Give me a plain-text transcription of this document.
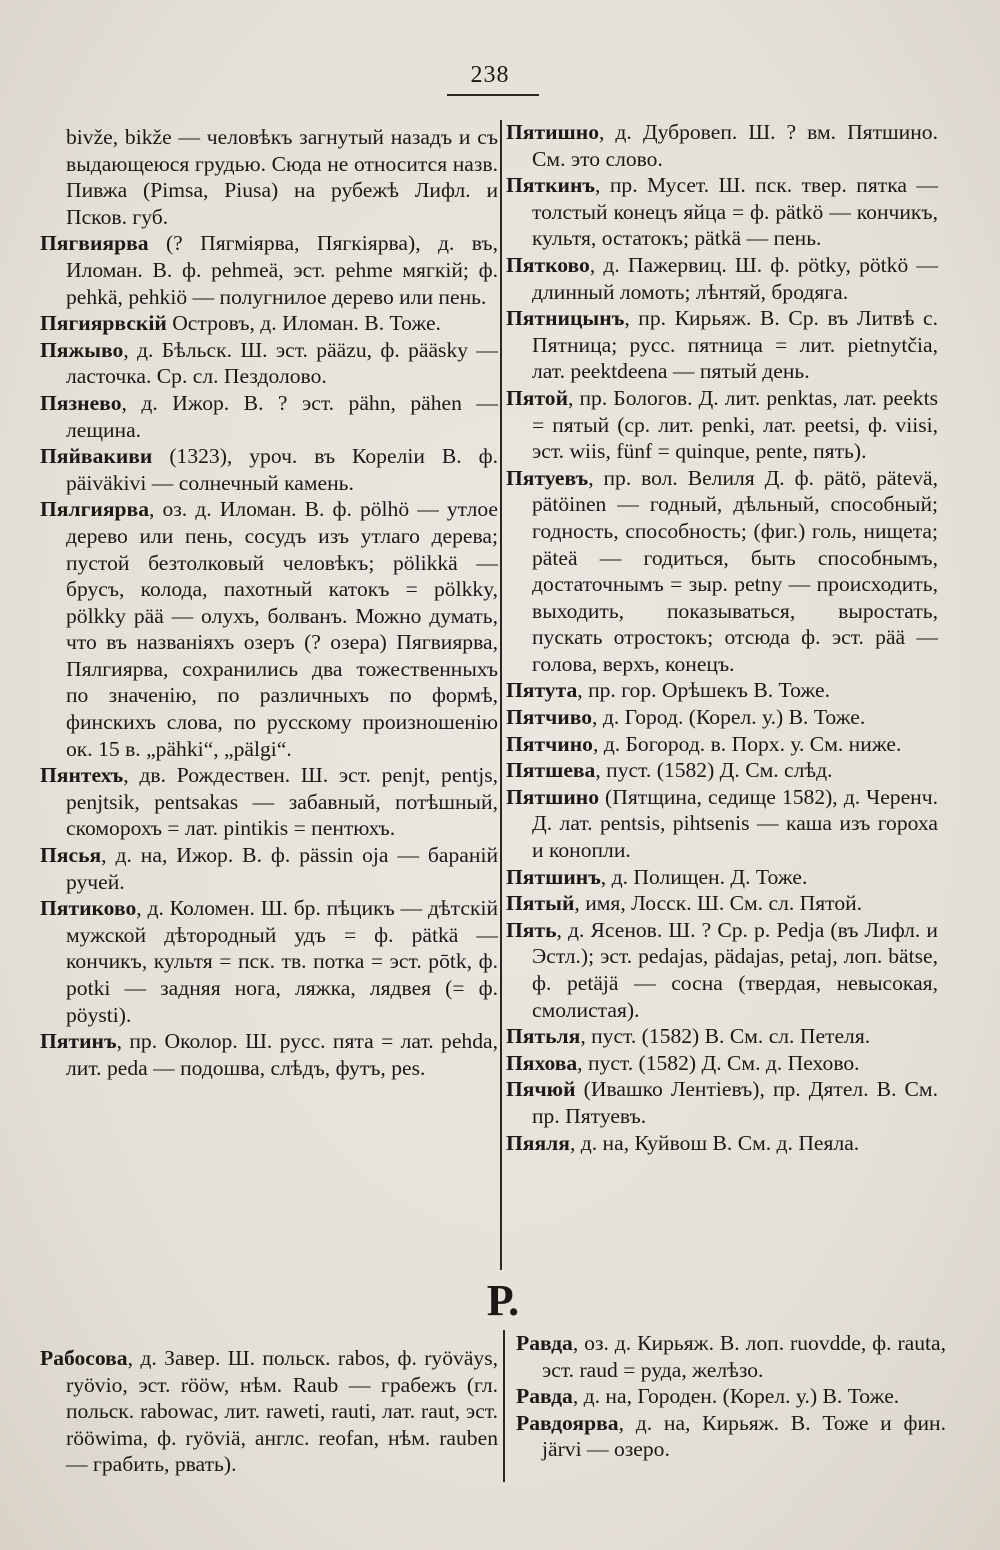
238

bivže, bikže — человѣкъ загнутый назадъ и съ выдающеюся грудью. Сюда не относится назв. Пивжа (Pimsa, Piusa) на рубежѣ Лифл. и Псков. губ.

Пягвиярва (? Пягміярва, Пягкіярва), д. въ, Иломан. В. ф. pehmeä, эст. pehme мягкій; ф. pehkä, pehkiö — полугнилое дерево или пень.

Пягиярвскій Островъ, д. Иломан. В. Тоже.

Пяжыво, д. Бѣльск. Ш. эст. pääzu, ф. pääsky — ласточка. Ср. сл. Пездолово.

Пязнево, д. Ижор. В. ? эст. pähn, pähen — лещина.

Пяйвакиви (1323), уроч. въ Кореліи В. ф. päiväkivi — солнечный камень.

Пялгиярва, оз. д. Иломан. В. ф. pölhö — утлое дерево или пень, сосудъ изъ утлаго дерева; пустой безтолковый человѣкъ; pölikkä — брусъ, колода, пахотный катокъ = pölkky, pölkky pää — олухъ, болванъ. Можно думать, что въ названіяхъ озеръ (? озера) Пягвиярва, Пялгиярва, сохранились два тожественныхъ по значенію, по различныхъ по формѣ, финскихъ слова, по русскому произношенію ок. 15 в. „pähki“, „pälgi“.

Пянтехъ, дв. Рождествен. Ш. эст. penjt, pentjs, penjtsik, pentsakas — забавный, потѣшный, скоморохъ = лат. pintikis = пентюхъ.

Пясья, д. на, Ижор. В. ф. pässin oja — бараній ручей.

Пятиково, д. Коломен. Ш. бр. пѣцикъ — дѣтскій мужской дѣтородный удъ = ф. pätkä — кончикъ, культя = пск. тв. потка = эст. pōtk, ф. potki — задняя нога, ляжка, лядвея (= ф. pöysti).

Пятинъ, пр. Околор. Ш. русс. пята = лат. pehda, лит. peda — подошва, слѣдъ, футъ, pes.

Пятишно, д. Дубровеп. Ш. ? вм. Пятшино. См. это слово.

Пяткинъ, пр. Мусет. Ш. пск. твер. пятка — толстый конецъ яйца = ф. pätkö — кончикъ, культя, остатокъ; pätkä — пень.

Пятково, д. Пажервиц. Ш. ф. pötky, pötkö — длинный ломоть; лѣнтяй, бродяга.

Пятницынъ, пр. Кирьяж. В. Ср. въ Литвѣ с. Пятница; русс. пятница = лит. pietnytčia, лат. peektdeena — пятый день.

Пятой, пр. Бологов. Д. лит. penktas, лат. peekts = пятый (ср. лит. penki, лат. peetsi, ф. viisi, эст. wiis, fünf = quinque, pente, пять).

Пятуевъ, пр. вол. Велиля Д. ф. pätö, pätevä, pätöinen — годный, дѣльный, способный; годность, способность; (фиг.) голь, нищета; pätеä — годиться, быть способнымъ, достаточнымъ = зыр. petny — происходить, выходить, показываться, выростать, пускать отростокъ; отсюда ф. эст. pää — голова, верхъ, конецъ.

Пятута, пр. гор. Орѣшекъ В. Тоже.

Пятчиво, д. Город. (Корел. у.) В. Тоже.

Пятчино, д. Богород. в. Порх. у. См. ниже.

Пятшева, пуст. (1582) Д. См. слѣд.

Пятшино (Пятщина, седище 1582), д. Черенч. Д. лат. pentsis, pihtsenis — каша изъ гороха и конопли.

Пятшинъ, д. Полищен. Д. Тоже.

Пятый, имя, Лосск. Ш. См. сл. Пятой.

Пять, д. Ясенов. Ш. ? Ср. р. Pedja (въ Лифл. и Эстл.); эст. pedajas, pädajas, petaj, лоп. bätse, ф. petäjä — сосна (твердая, невысокая, смолистая).

Пятьля, пуст. (1582) В. См. сл. Петеля.

Пяхова, пуст. (1582) Д. См. д. Пехово.

Пячюй (Ивашко Лентіевъ), пр. Дятел. В. См. пр. Пятуевъ.

Пяяля, д. на, Куйвош В. См. д. Пеяла.

Р.

Рабосова, д. Завер. Ш. польск. rabos, ф. ryöväys, ryövio, эст. rööw, нѣм. Raub — грабежъ (гл. польск. rabowac, лит. raweti, rauti, лат. raut, эст. rööwima, ф. ryöviä, англс. reofan, нѣм. rauben — грабить, рвать).

Равда, оз. д. Кирьяж. В. лоп. ruovdde, ф. rauta, эст. raud = руда, желѣзо.

Равда, д. на, Городен. (Корел. у.) В. Тоже.

Равдоярва, д. на, Кирьяж. В. Тоже и фин. järvi — озеро.
